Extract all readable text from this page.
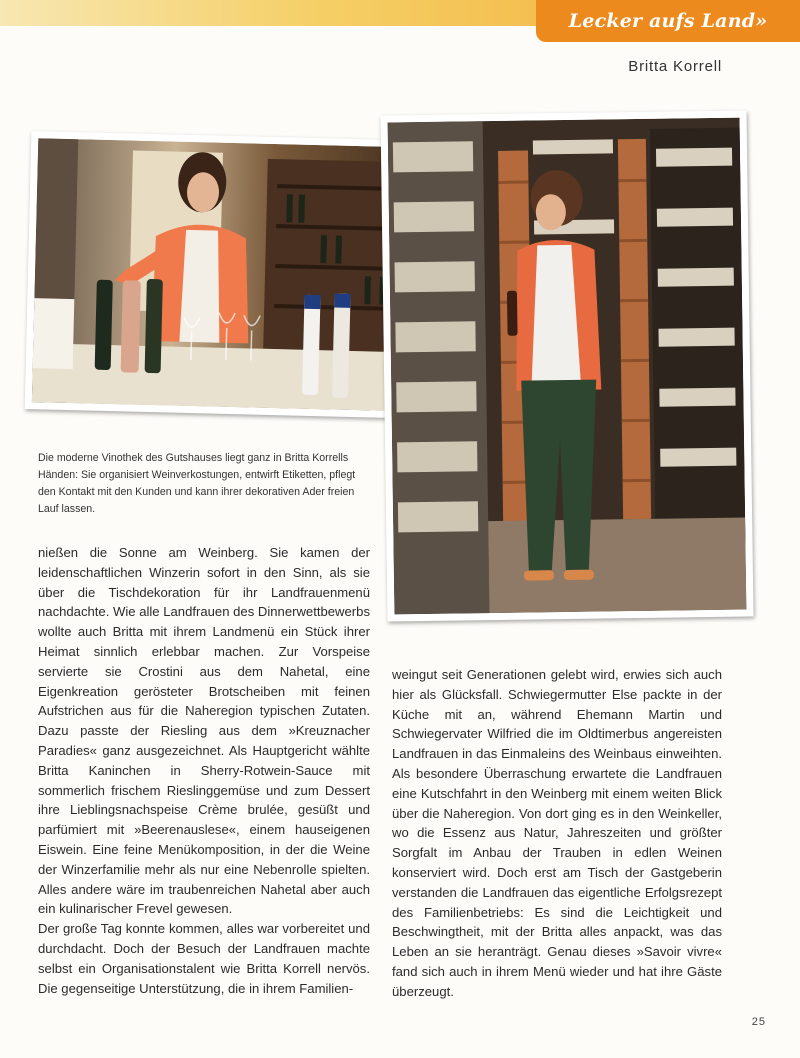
Lecker aufs Land»
Britta Korrell
Die moderne Vinothek des Gutshauses liegt ganz in Britta Korrells Händen: Sie organisiert Weinverkostungen, entwirft Etiketten, pflegt den Kontakt mit den Kunden und kann ihrer dekorativen Ader freien Lauf lassen.

nießen die Sonne am Weinberg. Sie kamen der leidenschaftlichen Winzerin sofort in den Sinn, als sie über die Tischdekoration für ihr Landfrauenmenü nachdachte. Wie alle Landfrauen des Dinnerwettbewerbs wollte auch Britta mit ihrem Landmenü ein Stück ihrer Heimat sinnlich erlebbar machen. Zur Vorspeise servierte sie Crostini aus dem Nahetal, eine Eigenkreation gerösteter Brotscheiben mit feinen Aufstrichen aus für die Naheregion typischen Zutaten. Dazu passte der Riesling aus dem »Kreuznacher Paradies« ganz ausgezeichnet. Als Hauptgericht wählte Britta Kaninchen in Sherry-Rotwein-Sauce mit sommerlich frischem Rieslinggemüse und zum Dessert ihre Lieblingsnachspeise Crème brulée, gesüßt und parfümiert mit »Beerenauslese«, einem hauseigenen Eiswein. Eine feine Menükomposition, in der die Weine der Winzerfamilie mehr als nur eine Nebenrolle spielten. Alles andere wäre im traubenreichen Nahetal aber auch ein kulinarischer Frevel gewesen.

Der große Tag konnte kommen, alles war vorbereitet und durchdacht. Doch der Besuch der Landfrauen machte selbst ein Organisationstalent wie Britta Korrell nervös. Die gegenseitige Unterstützung, die in ihrem Familien-

weingut seit Generationen gelebt wird, erwies sich auch hier als Glücksfall. Schwiegermutter Else packte in der Küche mit an, während Ehemann Martin und Schwiegervater Wilfried die im Oldtimerbus angereisten Landfrauen in das Einmaleins des Weinbaus einweihten. Als besondere Überraschung erwartete die Landfrauen eine Kutschfahrt in den Weinberg mit einem weiten Blick über die Naheregion. Von dort ging es in den Weinkeller, wo die Essenz aus Natur, Jahreszeiten und größter Sorgfalt im Anbau der Trauben in edlen Weinen konserviert wird. Doch erst am Tisch der Gastgeberin verstanden die Landfrauen das eigentliche Erfolgsrezept des Familienbetriebs: Es sind die Leichtigkeit und Beschwingtheit, mit der Britta alles anpackt, was das Leben an sie heranträgt. Genau dieses »Savoir vivre« fand sich auch in ihrem Menü wieder und hat ihre Gäste überzeugt.

25
